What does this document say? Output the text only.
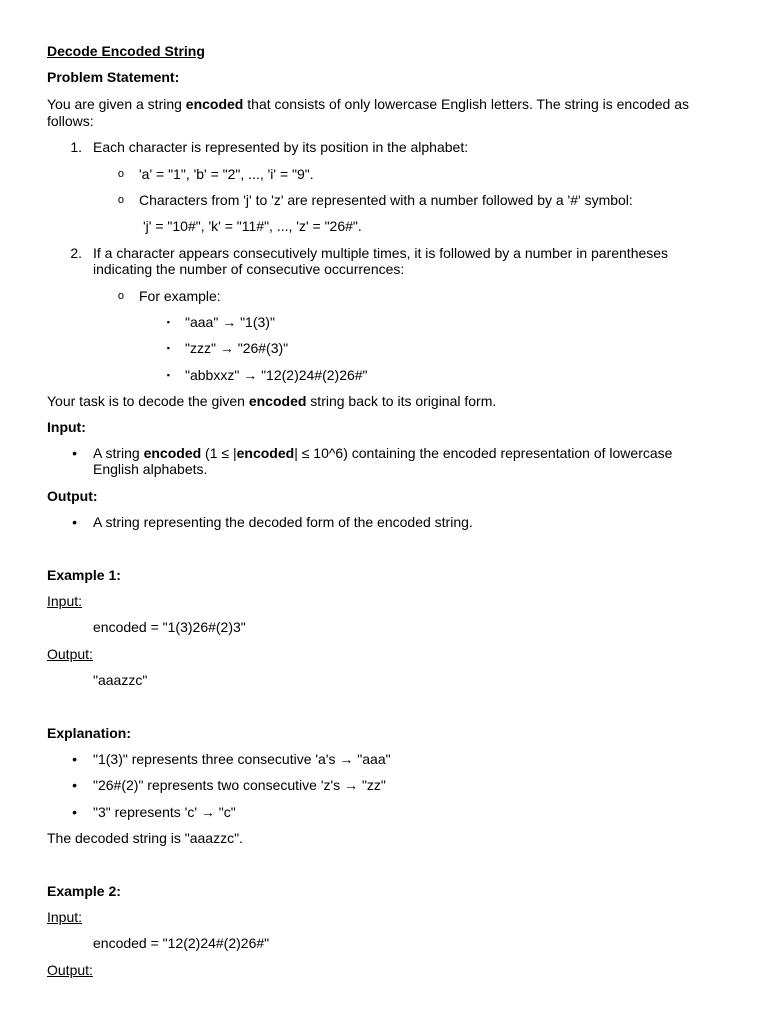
Decode Encoded String
Problem Statement:
You are given a string encoded that consists of only lowercase English letters. The string is encoded as
follows:
1. Each character is represented by its position in the alphabet:
o 'a' = "1", 'b' = "2", ..., 'i' = "9".
o Characters from 'j' to 'z' are represented with a number followed by a '#' symbol:
'j' = "10#", 'k' = "11#", ..., 'z' = "26#".
2. If a character appears consecutively multiple times, it is followed by a number in parentheses
indicating the number of consecutive occurrences:
o For example:
▪ "aaa" → "1(3)"
▪ "zzz" → "26#(3)"
▪ "abbxxz" → "12(2)24#(2)26#"
Your task is to decode the given encoded string back to its original form.
Input:
• A string encoded (1 ≤ |encoded| ≤ 10^6) containing the encoded representation of lowercase
English alphabets.
Output:
• A string representing the decoded form of the encoded string.
Example 1:
Input:
encoded = "1(3)26#(2)3"
Output:
"aaazzc"
Explanation:
• "1(3)" represents three consecutive 'a's → "aaa"
• "26#(2)" represents two consecutive 'z's → "zz"
• "3" represents 'c' → "c"
The decoded string is "aaazzc".
Example 2:
Input:
encoded = "12(2)24#(2)26#"
Output:
